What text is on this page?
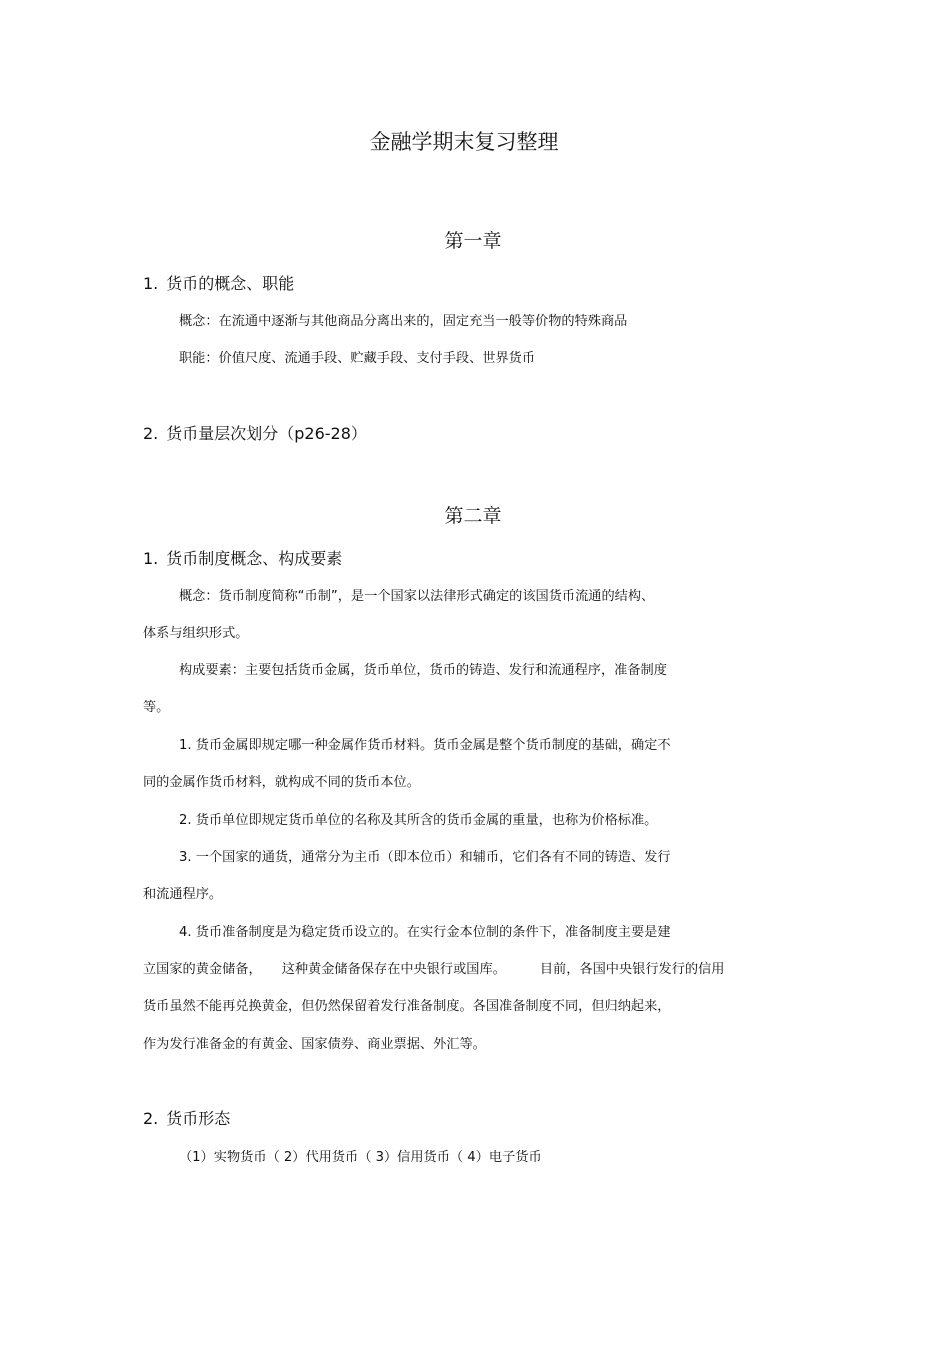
金融学期末复习整理
第一章
1. 货币的概念、职能

概念：在流通中逐渐与其他商品分离出来的，固定充当一般等价物的特殊商品

职能：价值尺度、流通手段、贮藏手段、支付手段、世界货币

2. 货币量层次划分（p26-28）
第二章
1. 货币制度概念、构成要素

概念：货币制度简称“币制”，是一个国家以法律形式确定的该国货币流通的结构、

体系与组织形式。

构成要素：主要包括货币金属，货币单位，货币的铸造、发行和流通程序，准备制度

等。

1. 货币金属即规定哪一种金属作货币材料。货币金属是整个货币制度的基础，确定不

同的金属作货币材料，就构成不同的货币本位。

2. 货币单位即规定货币单位的名称及其所含的货币金属的重量，也称为价格标准。

3. 一个国家的通货，通常分为主币（即本位币）和辅币，它们各有不同的铸造、发行

和流通程序。

4. 货币准备制度是为稳定货币设立的。在实行金本位制的条件下，准备制度主要是建

立国家的黄金储备， 这种黄金储备保存在中央银行或国库。	目前，各国中央银行发行的信用

货币虽然不能再兑换黄金，但仍然保留着发行准备制度。各国准备制度不同，但归纳起来，

作为发行准备金的有黄金、国家债券、商业票据、外汇等。

2. 货币形态

（1）实物货币（ 2）代用货币（ 3）信用货币（ 4）电子货币
